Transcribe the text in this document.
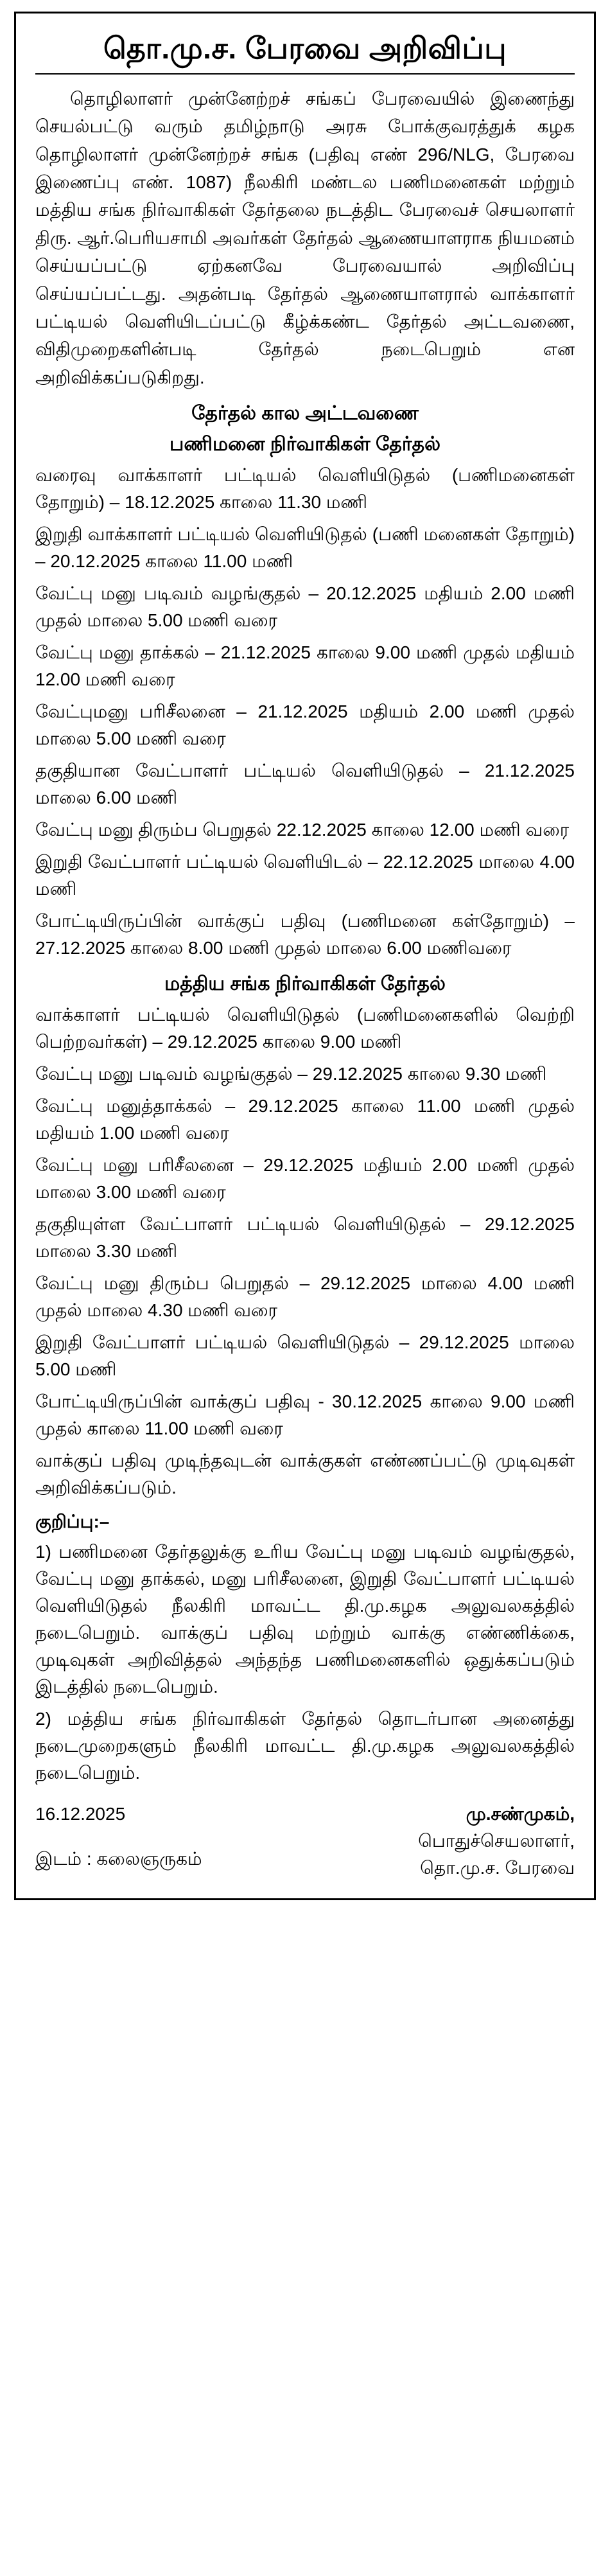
தொ.மு.ச. பேரவை அறிவிப்பு

தொழிலாளர் முன்னேற்றச் சங்கப் பேரவையில் இணைந்து செயல்பட்டு வரும் தமிழ்நாடு அரசு போக்குவரத்துக் கழக தொழிலாளர் முன்னேற்றச் சங்க (பதிவு எண் 296/NLG, பேரவை இணைப்பு எண். 1087) நீலகிரி மண்டல பணிமனைகள் மற்றும் மத்திய சங்க நிர்வாகிகள் தேர்தலை நடத்திட பேரவைச் செயலாளர் திரு. ஆர்.பெரியசாமி அவர்கள் தேர்தல் ஆணையாளராக நியமனம் செய்யப்பட்டு ஏற்கனவே பேரவையால் அறிவிப்பு செய்யப்பட்டது. அதன்படி தேர்தல் ஆணையாளரால் வாக்காளர் பட்டியல் வெளியிடப்பட்டு கீழ்க்கண்ட தேர்தல் அட்டவணை, விதிமுறைகளின்படி தேர்தல் நடைபெறும் என அறிவிக்கப்படுகிறது.

தேர்தல் கால அட்டவணை
பணிமனை நிர்வாகிகள் தேர்தல்

வரைவு வாக்காளர் பட்டியல் வெளியிடுதல் (பணிமனைகள் தோறும்) – 18.12.2025 காலை 11.30 மணி

இறுதி வாக்காளர் பட்டியல் வெளியிடுதல் (பணி மனைகள் தோறும்) – 20.12.2025 காலை 11.00 மணி

வேட்பு மனு படிவம் வழங்குதல் – 20.12.2025 மதியம் 2.00 மணி முதல் மாலை 5.00 மணி வரை

வேட்பு மனு தாக்கல் – 21.12.2025 காலை 9.00 மணி முதல் மதியம் 12.00 மணி வரை

வேட்புமனு பரிசீலனை – 21.12.2025 மதியம் 2.00 மணி முதல் மாலை 5.00 மணி வரை

தகுதியான வேட்பாளர் பட்டியல் வெளியிடுதல் – 21.12.2025 மாலை 6.00 மணி

வேட்பு மனு திரும்ப பெறுதல் 22.12.2025 காலை 12.00 மணி வரை

இறுதி வேட்பாளர் பட்டியல் வெளியிடல் – 22.12.2025 மாலை 4.00 மணி

போட்டியிருப்பின் வாக்குப் பதிவு (பணிமனை கள்தோறும்) – 27.12.2025 காலை 8.00 மணி முதல் மாலை 6.00 மணிவரை

மத்திய சங்க நிர்வாகிகள் தேர்தல்

வாக்காளர் பட்டியல் வெளியிடுதல் (பணிமனைகளில் வெற்றி பெற்றவர்கள்) – 29.12.2025 காலை 9.00 மணி

வேட்பு மனு படிவம் வழங்குதல் – 29.12.2025 காலை 9.30 மணி

வேட்பு மனுத்தாக்கல் – 29.12.2025 காலை 11.00 மணி முதல் மதியம் 1.00 மணி வரை

வேட்பு மனு பரிசீலனை – 29.12.2025 மதியம் 2.00 மணி முதல் மாலை 3.00 மணி வரை

தகுதியுள்ள வேட்பாளர் பட்டியல் வெளியிடுதல் – 29.12.2025 மாலை 3.30 மணி

வேட்பு மனு திரும்ப பெறுதல் – 29.12.2025 மாலை 4.00 மணி முதல் மாலை 4.30 மணி வரை

இறுதி வேட்பாளர் பட்டியல் வெளியிடுதல் – 29.12.2025 மாலை 5.00 மணி

போட்டியிருப்பின் வாக்குப் பதிவு - 30.12.2025 காலை 9.00 மணி முதல் காலை 11.00 மணி வரை

வாக்குப் பதிவு முடிந்தவுடன் வாக்குகள் எண்ணப்பட்டு முடிவுகள் அறிவிக்கப்படும்.

குறிப்பு:–

1) பணிமனை தேர்தலுக்கு உரிய வேட்பு மனு படிவம் வழங்குதல், வேட்பு மனு தாக்கல், மனு பரிசீலனை, இறுதி வேட்பாளர் பட்டியல் வெளியிடுதல் நீலகிரி மாவட்ட தி.மு.கழக அலுவலகத்தில் நடைபெறும். வாக்குப் பதிவு மற்றும் வாக்கு எண்ணிக்கை, முடிவுகள் அறிவித்தல் அந்தந்த பணிமனைகளில் ஒதுக்கப்படும் இடத்தில் நடைபெறும்.

2) மத்திய சங்க நிர்வாகிகள் தேர்தல் தொடர்பான அனைத்து நடைமுறைகளும் நீலகிரி மாவட்ட தி.மு.கழக அலுவலகத்தில் நடைபெறும்.

16.12.2025
இடம் : கலைஞருகம்
மு.சண்முகம்,
பொதுச்செயலாளர்,
தொ.மு.ச. பேரவை
